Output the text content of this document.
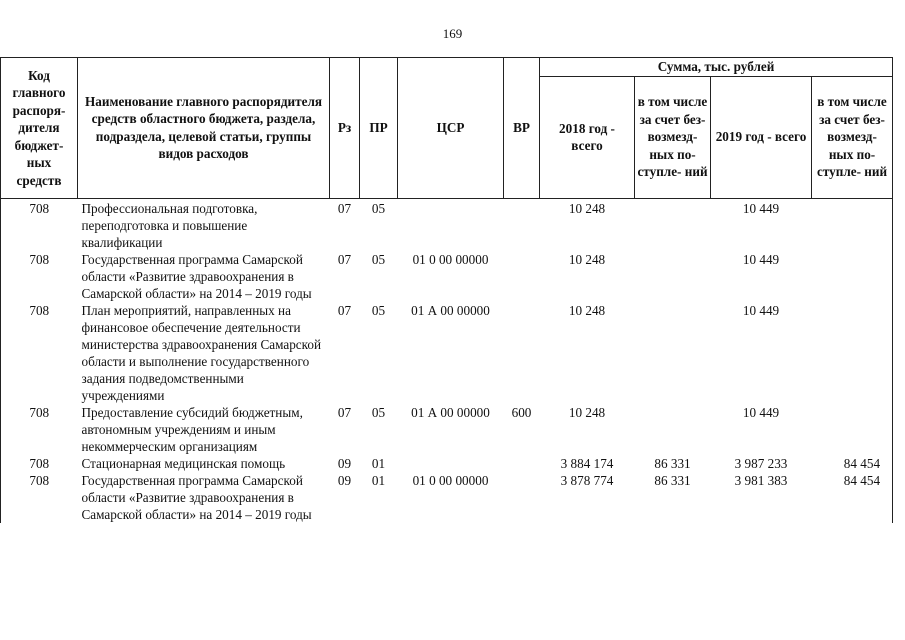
169
Код главного распоря- дителя бюджет- ных средств	Наименование главного распорядителя средств областного бюджета, раздела, подраздела, целевой статьи, группы видов расходов	Рз	ПР	ЦСР	ВР	Сумма, тыс. рублей			
						2018 год - всего	в том числе за счет без- возмезд- ных по- ступле- ний	2019 год - всего	в том числе за счет без- возмезд- ных по- ступле- ний
708	Профессиональная подготовка, переподготовка и повышение квалификации	07	05			10 248		10 449	
708	Государственная программа Самарской области «Развитие здравоохранения в Самарской области» на 2014 – 2019 годы	07	05	01 0 00 00000		10 248		10 449	
708	План мероприятий, направленных на финансовое обеспечение деятельности министерства здравоохранения Самарской области и выполнение государственного задания подведомственными учреждениями	07	05	01 А 00 00000		10 248		10 449	
708	Предоставление субсидий бюджетным, автономным учреждениям и иным некоммерческим организациям	07	05	01 А 00 00000	600	10 248		10 449	
708	Стационарная медицинская помощь	09	01			3 884 174	86 331	3 987 233	84 454
708	Государственная программа Самарской области «Развитие здравоохранения в Самарской области» на 2014 – 2019 годы	09	01	01 0 00 00000		3 878 774	86 331	3 981 383	84 454
